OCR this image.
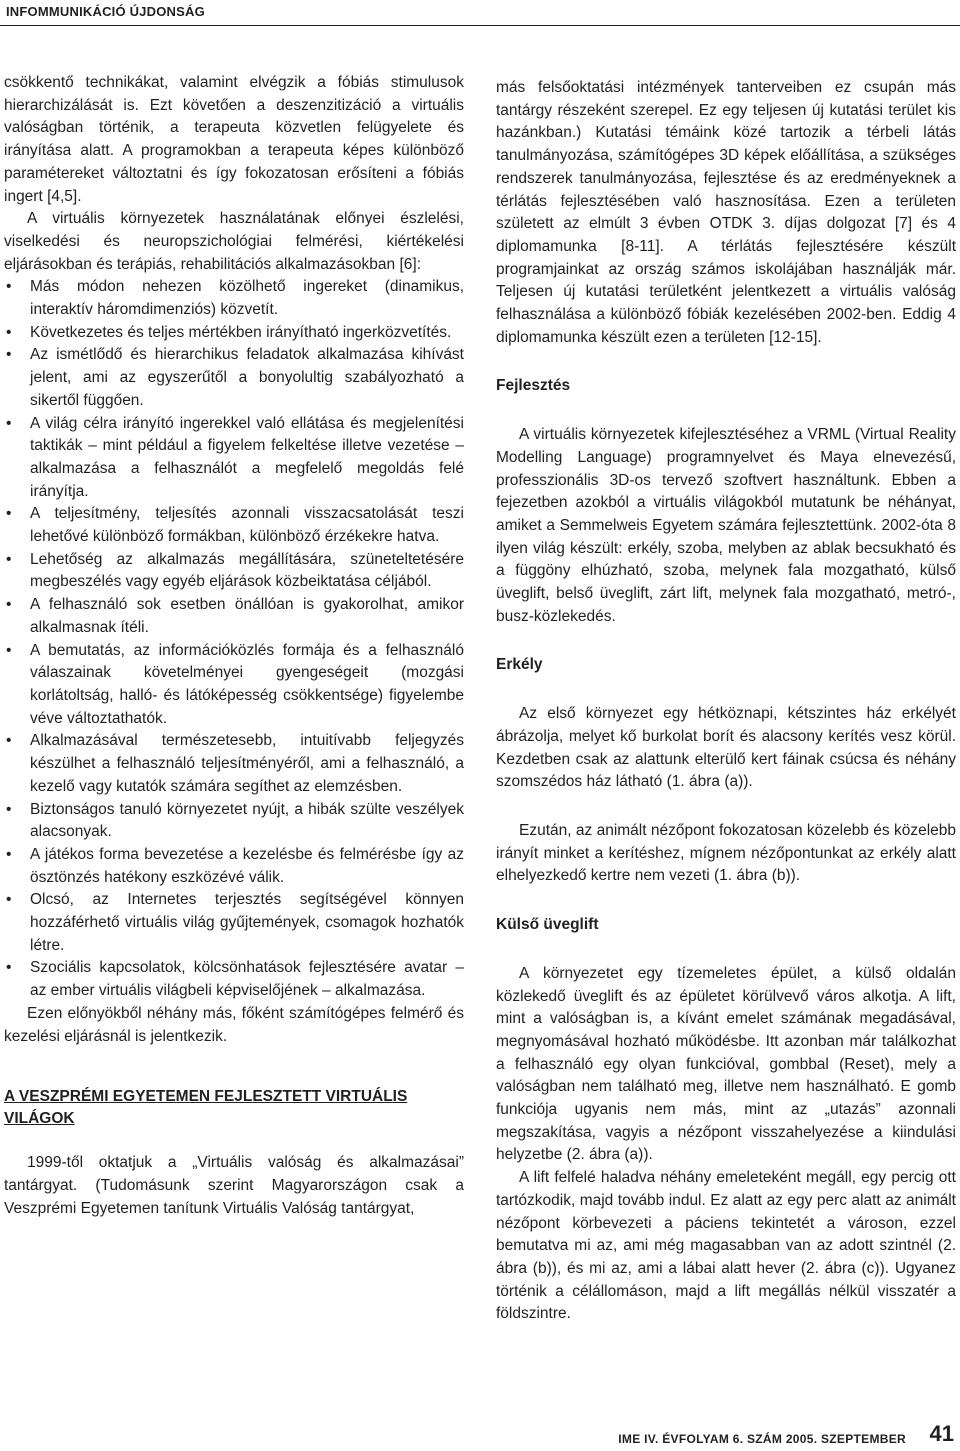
INFOMMUNIKÁCIÓ ÚJDONSÁG

csökkentő technikákat, valamint elvégzik a fóbiás stimulusok hierarchizálását is. Ezt követően a deszenzitizáció a virtuális valóságban történik, a terapeuta közvetlen felügyelete és irányítása alatt. A programokban a terapeuta képes különböző paramétereket változtatni és így fokozatosan erősíteni a fóbiás ingert [4,5].

A virtuális környezetek használatának előnyei észlelési, viselkedési és neuropszichológiai felmérési, kiértékelési eljárásokban és terápiás, rehabilitációs alkalmazásokban [6]:

• Más módon nehezen közölhető ingereket (dinamikus, interaktív háromdimenziós) közvetít.
• Következetes és teljes mértékben irányítható ingerközvetítés.
• Az ismétlődő és hierarchikus feladatok alkalmazása kihívást jelent, ami az egyszerűtől a bonyolultig szabályozható a sikertől függően.
• A világ célra irányító ingerekkel való ellátása és megjelenítési taktikák – mint például a figyelem felkeltése illetve vezetése – alkalmazása a felhasználót a megfelelő megoldás felé irányítja.
• A teljesítmény, teljesítés azonnali visszacsatolását teszi lehetővé különböző formákban, különböző érzékekre hatva.
• Lehetőség az alkalmazás megállítására, szüneteltetésére megbeszélés vagy egyéb eljárások közbeiktatása céljából.
• A felhasználó sok esetben önállóan is gyakorolhat, amikor alkalmasnak ítéli.
• A bemutatás, az információközlés formája és a felhasználó válaszainak követelményei gyengeségeit (mozgási korlátoltság, halló- és látóképesség csökkentsége) figyelembe véve változtathatók.
• Alkalmazásával természetesebb, intuitívabb feljegyzés készülhet a felhasználó teljesítményéről, ami a felhasználó, a kezelő vagy kutatók számára segíthet az elemzésben.
• Biztonságos tanuló környezetet nyújt, a hibák szülte veszélyek alacsonyak.
• A játékos forma bevezetése a kezelésbe és felmérésbe így az ösztönzés hatékony eszközévé válik.
• Olcsó, az Internetes terjesztés segítségével könnyen hozzáférhető virtuális világ gyűjtemények, csomagok hozhatók létre.
• Szociális kapcsolatok, kölcsönhatások fejlesztésére avatar – az ember virtuális világbeli képviselőjének – alkalmazása.

Ezen előnyökből néhány más, főként számítógépes felmérő és kezelési eljárásnál is jelentkezik.

A VESZPRÉMI EGYETEMEN FEJLESZTETT VIRTUÁLIS VILÁGOK

1999-től oktatjuk a „Virtuális valóság és alkalmazásai” tantárgyat. (Tudomásunk szerint Magyarországon csak a Veszprémi Egyetemen tanítunk Virtuális Valóság tantárgyat,

más felsőoktatási intézmények tanterveiben ez csupán más tantárgy részeként szerepel. Ez egy teljesen új kutatási terület kis hazánkban.) Kutatási témáink közé tartozik a térbeli látás tanulmányozása, számítógépes 3D képek előállítása, a szükséges rendszerek tanulmányozása, fejlesztése és az eredményeknek a térlátás fejlesztésében való hasznosítása. Ezen a területen született az elmúlt 3 évben OTDK 3. díjas dolgozat [7] és 4 diplomamunka [8-11]. A térlátás fejlesztésére készült programjainkat az ország számos iskolájában használják már. Teljesen új kutatási területként jelentkezett a virtuális valóság felhasználása a különböző fóbiák kezelésében 2002-ben. Eddig 4 diplomamunka készült ezen a területen [12-15].

Fejlesztés

A virtuális környezetek kifejlesztéséhez a VRML (Virtual Reality Modelling Language) programnyelvet és Maya elnevezésű, professzionális 3D-os tervező szoftvert használtunk. Ebben a fejezetben azokból a virtuális világokból mutatunk be néhányat, amiket a Semmelweis Egyetem számára fejlesztettünk. 2002-óta 8 ilyen világ készült: erkély, szoba, melyben az ablak becsukható és a függöny elhúzható, szoba, melynek fala mozgatható, külső üveglift, belső üveglift, zárt lift, melynek fala mozgatható, metró-, busz-közlekedés.

Erkély

Az első környezet egy hétköznapi, kétszintes ház erkélyét ábrázolja, melyet kő burkolat borít és alacsony kerítés vesz körül. Kezdetben csak az alattunk elterülő kert fáinak csúcsa és néhány szomszédos ház látható (1. ábra (a)).

Ezután, az animált nézőpont fokozatosan közelebb és közelebb irányít minket a kerítéshez, mígnem nézőpontunkat az erkély alatt elhelyezkedő kertre nem vezeti (1. ábra (b)).

Külső üveglift

A környezetet egy tízemeletes épület, a külső oldalán közlekedő üveglift és az épületet körülvevő város alkotja. A lift, mint a valóságban is, a kívánt emelet számának megadásával, megnyomásával hozható működésbe. Itt azonban már találkozhat a felhasználó egy olyan funkcióval, gombbal (Reset), mely a valóságban nem található meg, illetve nem használható. E gomb funkciója ugyanis nem más, mint az „utazás” azonnali megszakítása, vagyis a nézőpont visszahelyezése a kiindulási helyzetbe (2. ábra (a)).

A lift felfelé haladva néhány emeleteként megáll, egy percig ott tartózkodik, majd tovább indul. Ez alatt az egy perc alatt az animált nézőpont körbevezeti a páciens tekintetét a városon, ezzel bemutatva mi az, ami még magasabban van az adott szintnél (2. ábra (b)), és mi az, ami a lábai alatt hever (2. ábra (c)). Ugyanez történik a célállomáson, majd a lift megállás nélkül visszatér a földszintre.

IME IV. ÉVFOLYAM 6. SZÁM 2005. SZEPTEMBER 41
